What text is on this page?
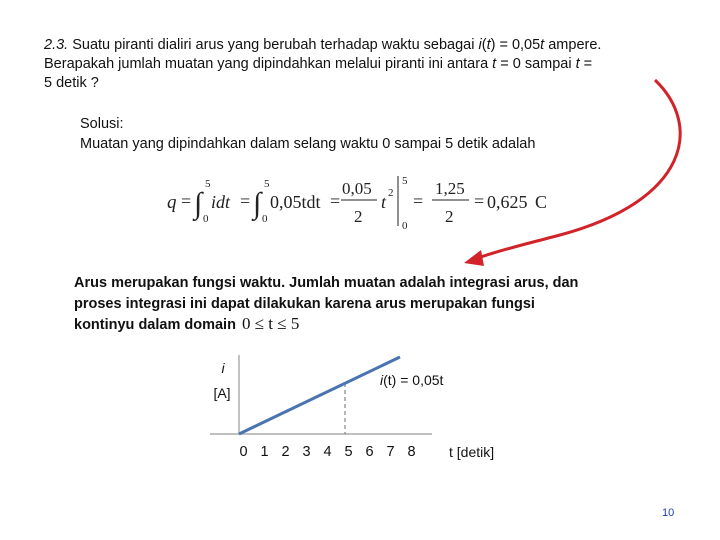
2.3. Suatu piranti dialiri arus yang berubah terhadap waktu sebagai i(t) = 0,05t ampere.
Berapakah jumlah muatan yang dipindahkan melalui piranti ini antara t = 0 sampai t =
5 detik ?
Solusi:
Muatan yang dipindahkan dalam selang waktu 0 sampai 5 detik adalah
q = ∫
5
0
idt = ∫
5
0
0,05tdt =
0,05
2
t 2
5
0
=
1,25
2
= 0,625 C
Arus merupakan fungsi waktu. Jumlah muatan adalah integrasi arus, dan
proses integrasi ini dapat dilakukan karena arus merupakan fungsi
kontinyu dalam domain 0 ≤ t ≤ 5
i
[A]
i(t) = 0,05t
0 1 2 3 4 5 6 7 8	t [detik]
10
